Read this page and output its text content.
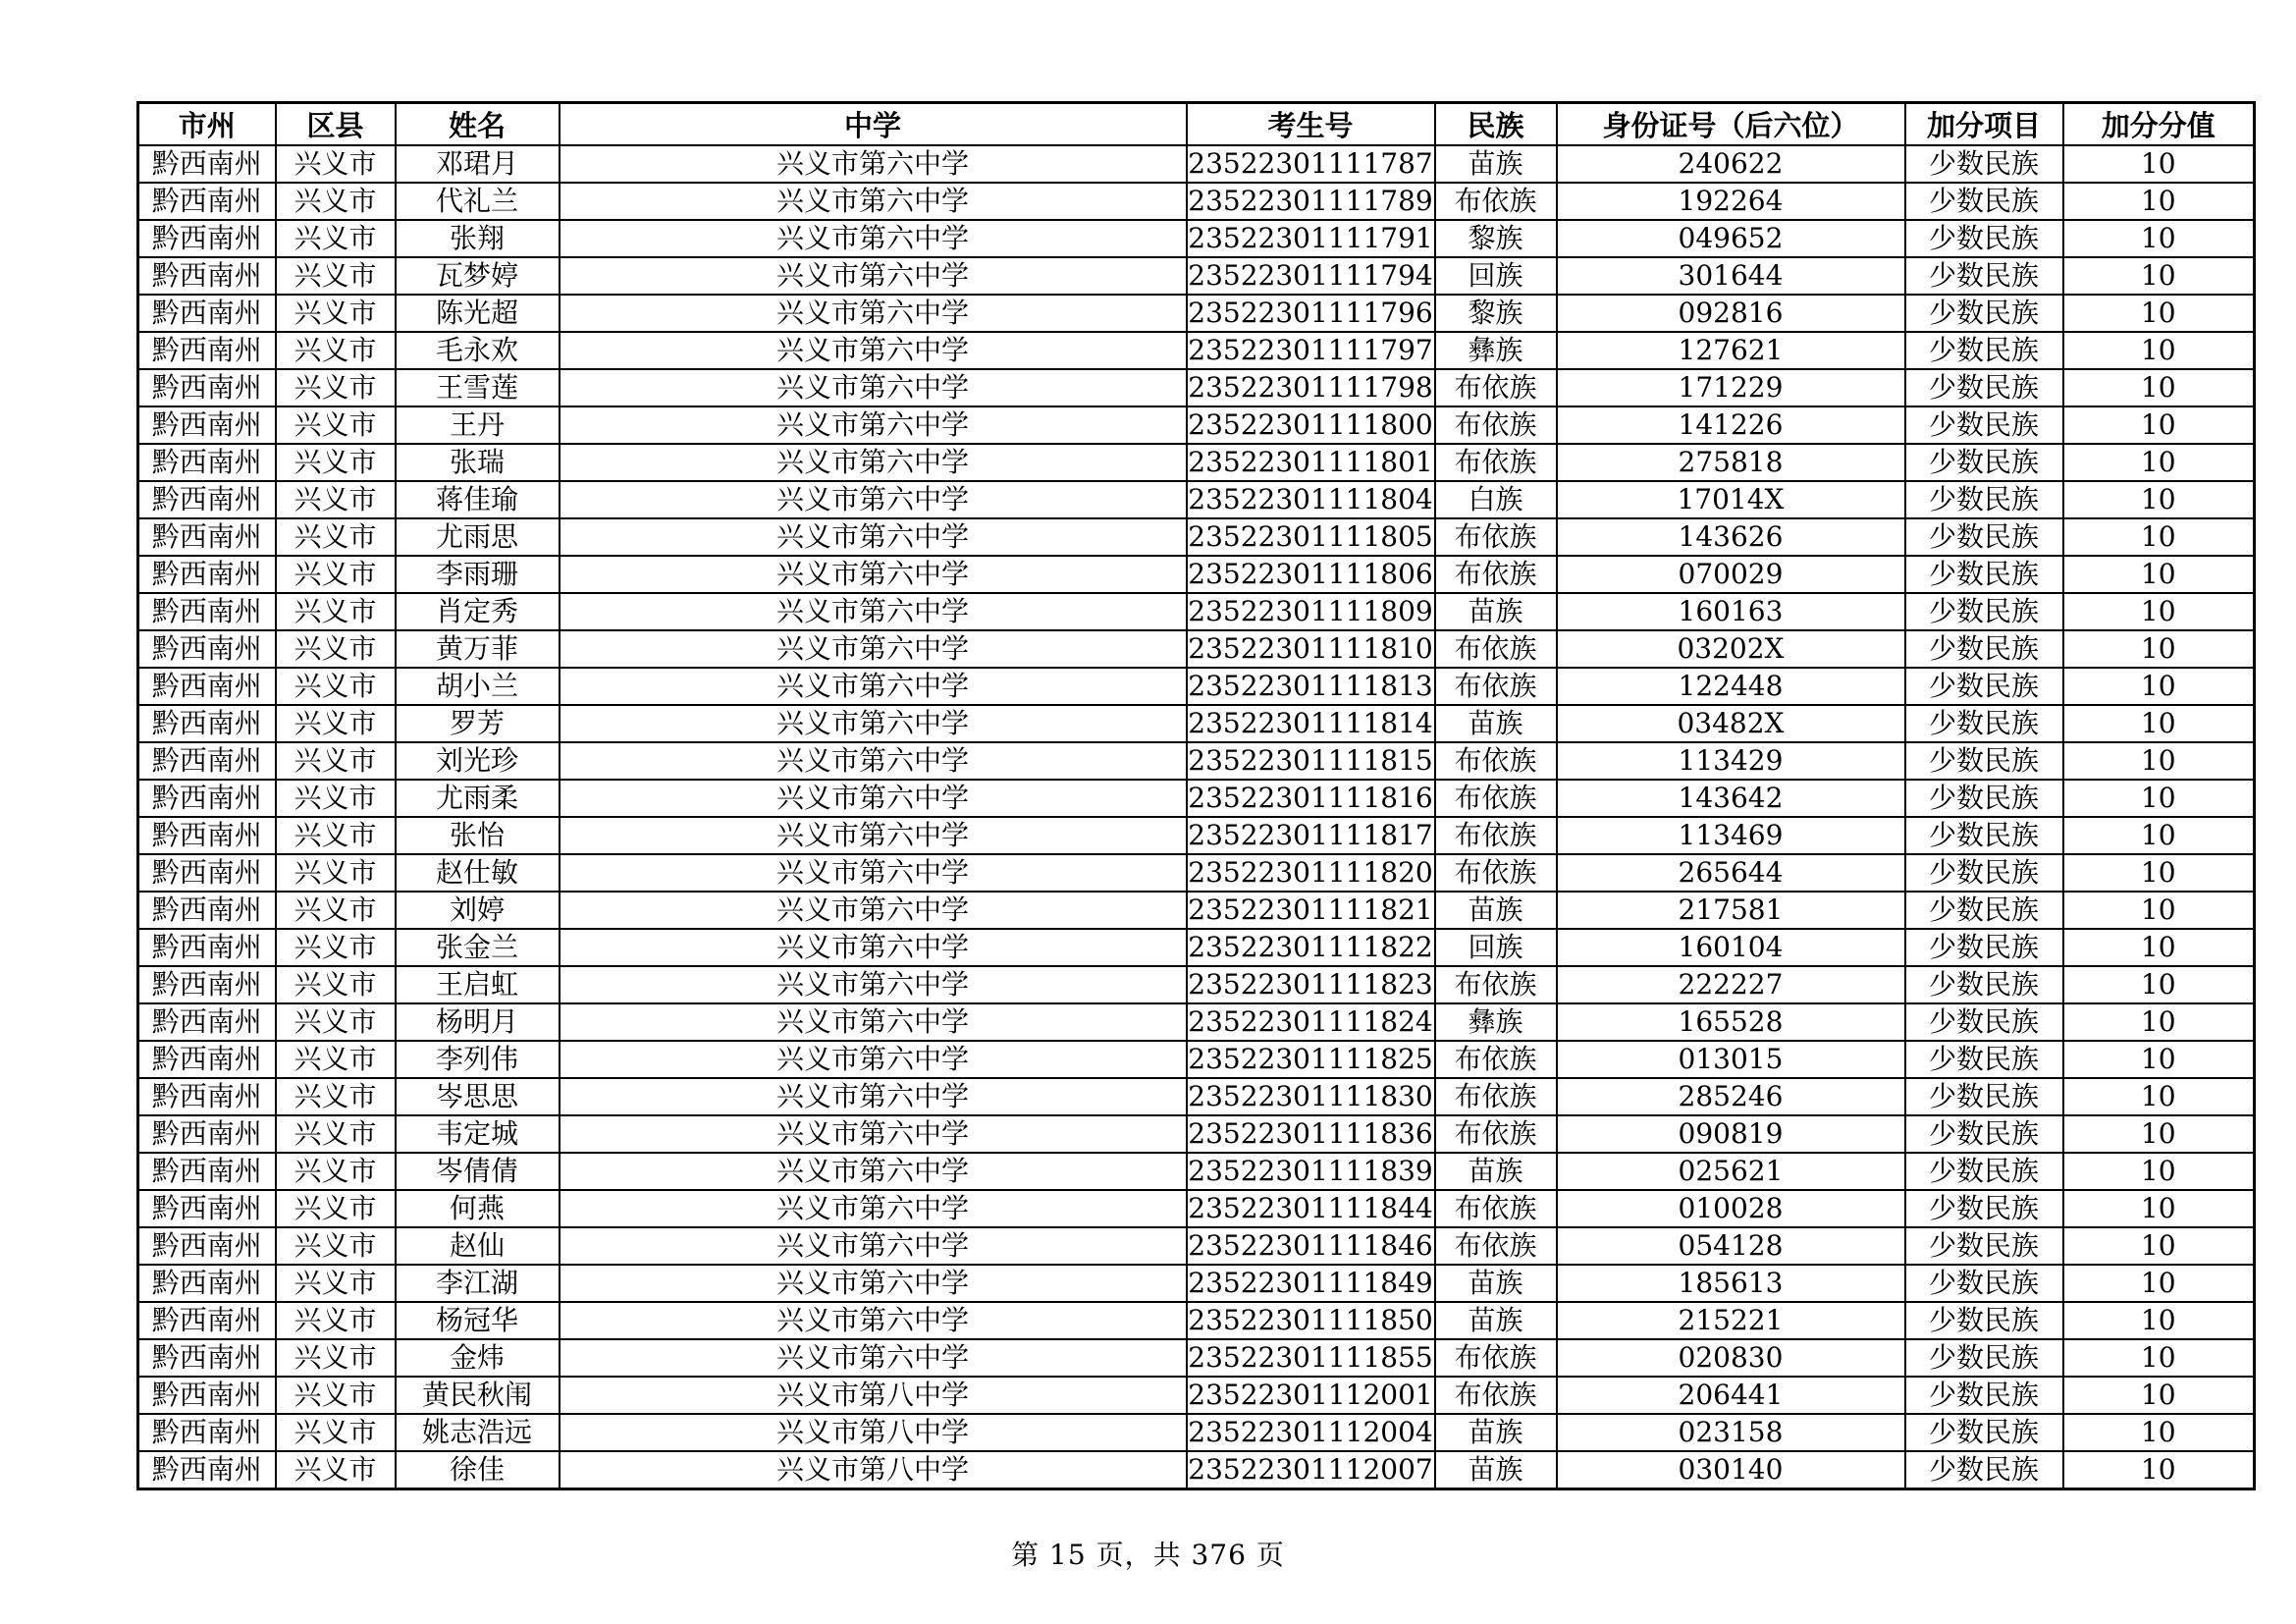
市州	区县	姓名	中学	考生号	民族	身份证号（后六位）	加分项目	加分分值
黔西南州	兴义市	邓珺月	兴义市第六中学	23522301111787	苗族	240622	少数民族	10
黔西南州	兴义市	代礼兰	兴义市第六中学	23522301111789	布依族	192264	少数民族	10
黔西南州	兴义市	张翔	兴义市第六中学	23522301111791	黎族	049652	少数民族	10
黔西南州	兴义市	瓦梦婷	兴义市第六中学	23522301111794	回族	301644	少数民族	10
黔西南州	兴义市	陈光超	兴义市第六中学	23522301111796	黎族	092816	少数民族	10
黔西南州	兴义市	毛永欢	兴义市第六中学	23522301111797	彝族	127621	少数民族	10
黔西南州	兴义市	王雪莲	兴义市第六中学	23522301111798	布依族	171229	少数民族	10
黔西南州	兴义市	王丹	兴义市第六中学	23522301111800	布依族	141226	少数民族	10
黔西南州	兴义市	张瑞	兴义市第六中学	23522301111801	布依族	275818	少数民族	10
黔西南州	兴义市	蒋佳瑜	兴义市第六中学	23522301111804	白族	17014X	少数民族	10
黔西南州	兴义市	尤雨思	兴义市第六中学	23522301111805	布依族	143626	少数民族	10
黔西南州	兴义市	李雨珊	兴义市第六中学	23522301111806	布依族	070029	少数民族	10
黔西南州	兴义市	肖定秀	兴义市第六中学	23522301111809	苗族	160163	少数民族	10
黔西南州	兴义市	黄万菲	兴义市第六中学	23522301111810	布依族	03202X	少数民族	10
黔西南州	兴义市	胡小兰	兴义市第六中学	23522301111813	布依族	122448	少数民族	10
黔西南州	兴义市	罗芳	兴义市第六中学	23522301111814	苗族	03482X	少数民族	10
黔西南州	兴义市	刘光珍	兴义市第六中学	23522301111815	布依族	113429	少数民族	10
黔西南州	兴义市	尤雨柔	兴义市第六中学	23522301111816	布依族	143642	少数民族	10
黔西南州	兴义市	张怡	兴义市第六中学	23522301111817	布依族	113469	少数民族	10
黔西南州	兴义市	赵仕敏	兴义市第六中学	23522301111820	布依族	265644	少数民族	10
黔西南州	兴义市	刘婷	兴义市第六中学	23522301111821	苗族	217581	少数民族	10
黔西南州	兴义市	张金兰	兴义市第六中学	23522301111822	回族	160104	少数民族	10
黔西南州	兴义市	王启虹	兴义市第六中学	23522301111823	布依族	222227	少数民族	10
黔西南州	兴义市	杨明月	兴义市第六中学	23522301111824	彝族	165528	少数民族	10
黔西南州	兴义市	李列伟	兴义市第六中学	23522301111825	布依族	013015	少数民族	10
黔西南州	兴义市	岑思思	兴义市第六中学	23522301111830	布依族	285246	少数民族	10
黔西南州	兴义市	韦定城	兴义市第六中学	23522301111836	布依族	090819	少数民族	10
黔西南州	兴义市	岑倩倩	兴义市第六中学	23522301111839	苗族	025621	少数民族	10
黔西南州	兴义市	何燕	兴义市第六中学	23522301111844	布依族	010028	少数民族	10
黔西南州	兴义市	赵仙	兴义市第六中学	23522301111846	布依族	054128	少数民族	10
黔西南州	兴义市	李江湖	兴义市第六中学	23522301111849	苗族	185613	少数民族	10
黔西南州	兴义市	杨冠华	兴义市第六中学	23522301111850	苗族	215221	少数民族	10
黔西南州	兴义市	金炜	兴义市第六中学	23522301111855	布依族	020830	少数民族	10
黔西南州	兴义市	黄民秋闱	兴义市第八中学	23522301112001	布依族	206441	少数民族	10
黔西南州	兴义市	姚志浩远	兴义市第八中学	23522301112004	苗族	023158	少数民族	10
黔西南州	兴义市	徐佳	兴义市第八中学	23522301112007	苗族	030140	少数民族	10
第 15 页，共 376 页
